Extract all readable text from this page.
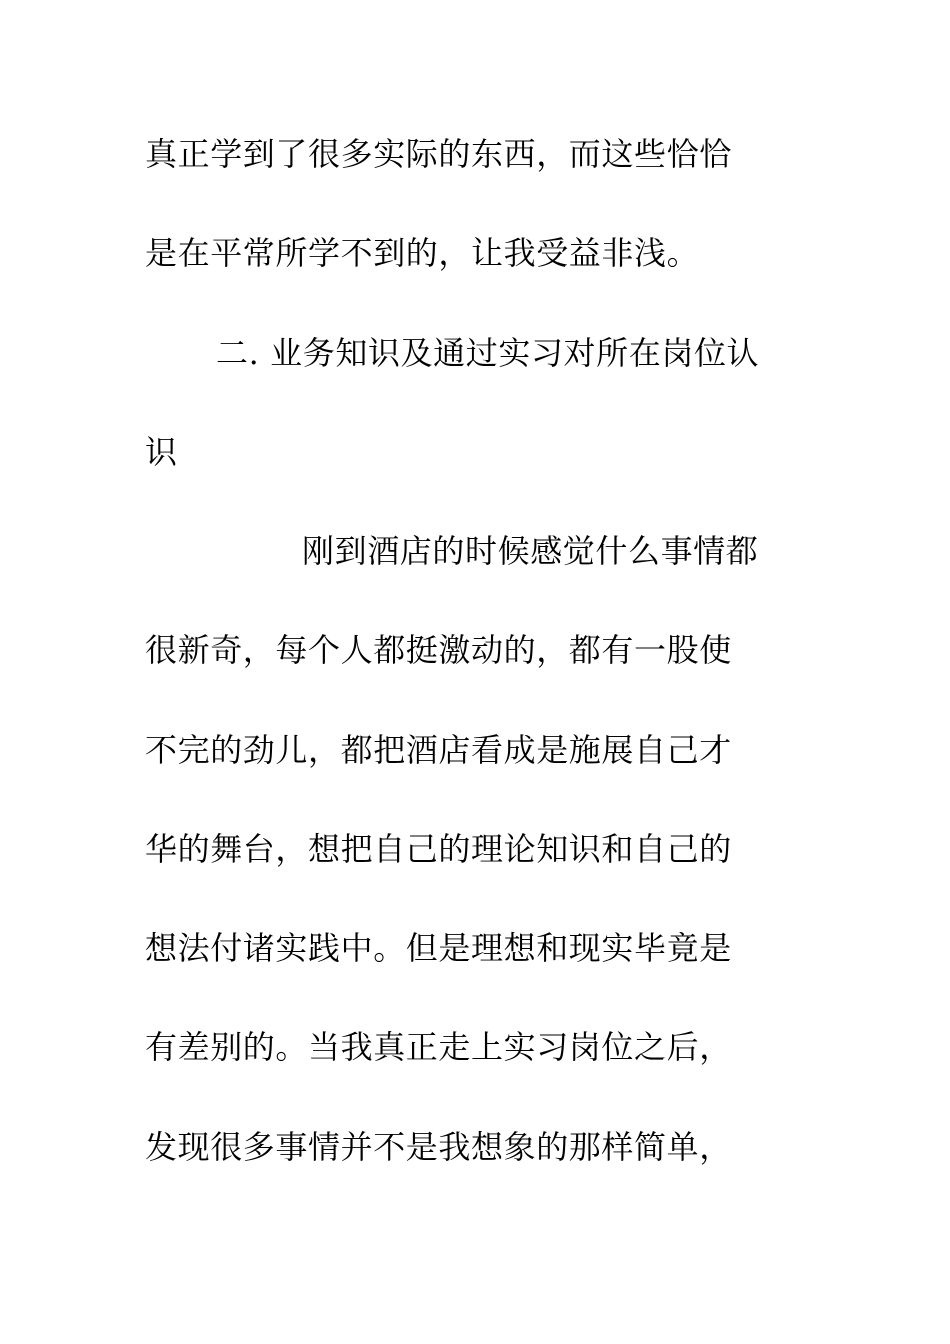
真正学到了很多实际的东西，而这些恰恰

是在平常所学不到的，让我受益非浅。

二. 业务知识及通过实习对所在岗位认

识

刚到酒店的时候感觉什么事情都

很新奇，每个人都挺激动的，都有一股使

不完的劲儿，都把酒店看成是施展自己才

华的舞台，想把自己的理论知识和自己的

想法付诸实践中。但是理想和现实毕竟是

有差别的。当我真正走上实习岗位之后，

发现很多事情并不是我想象的那样简单，
